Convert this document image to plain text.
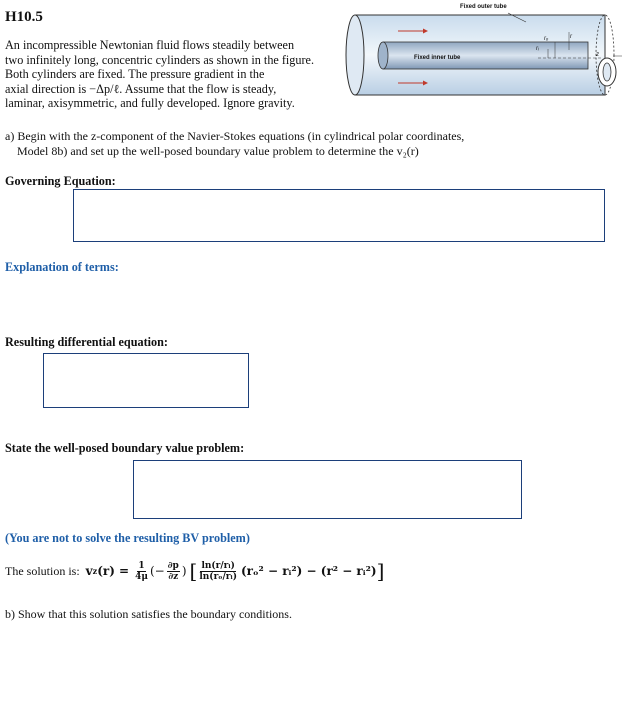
H10.5
An incompressible Newtonian fluid flows steadily between
two infinitely long, concentric cylinders as shown in the figure.
Both cylinders are fixed. The pressure gradient in the
axial direction is −Δp/ℓ. Assume that the flow is steady,
laminar, axisymmetric, and fully developed. Ignore gravity.
Fixed outer tube
Fixed inner tube
r
z
rₒ
rᵢ
a) Begin with the z-component of the Navier-Stokes equations (in cylindrical polar coordinates,
Model 8b) and set up the well-posed boundary value problem to determine the v₂(r)
Governing Equation:
Explanation of terms:
Resulting differential equation:
State the well-posed boundary value problem:
(You are not to solve the resulting BV problem)
The solution is: v z $(r) = \frac{1}{4\mu}$ (− $\frac{\partial p}{\partial z}$ ) [ $\frac{\text{ln(r/rᵢ)}}{\text{ln(rₒ/rᵢ)}} (r_o^2$ − rᵢ²) − (r² − rᵢ²) ]
b) Show that this solution satisfies the boundary conditions.
